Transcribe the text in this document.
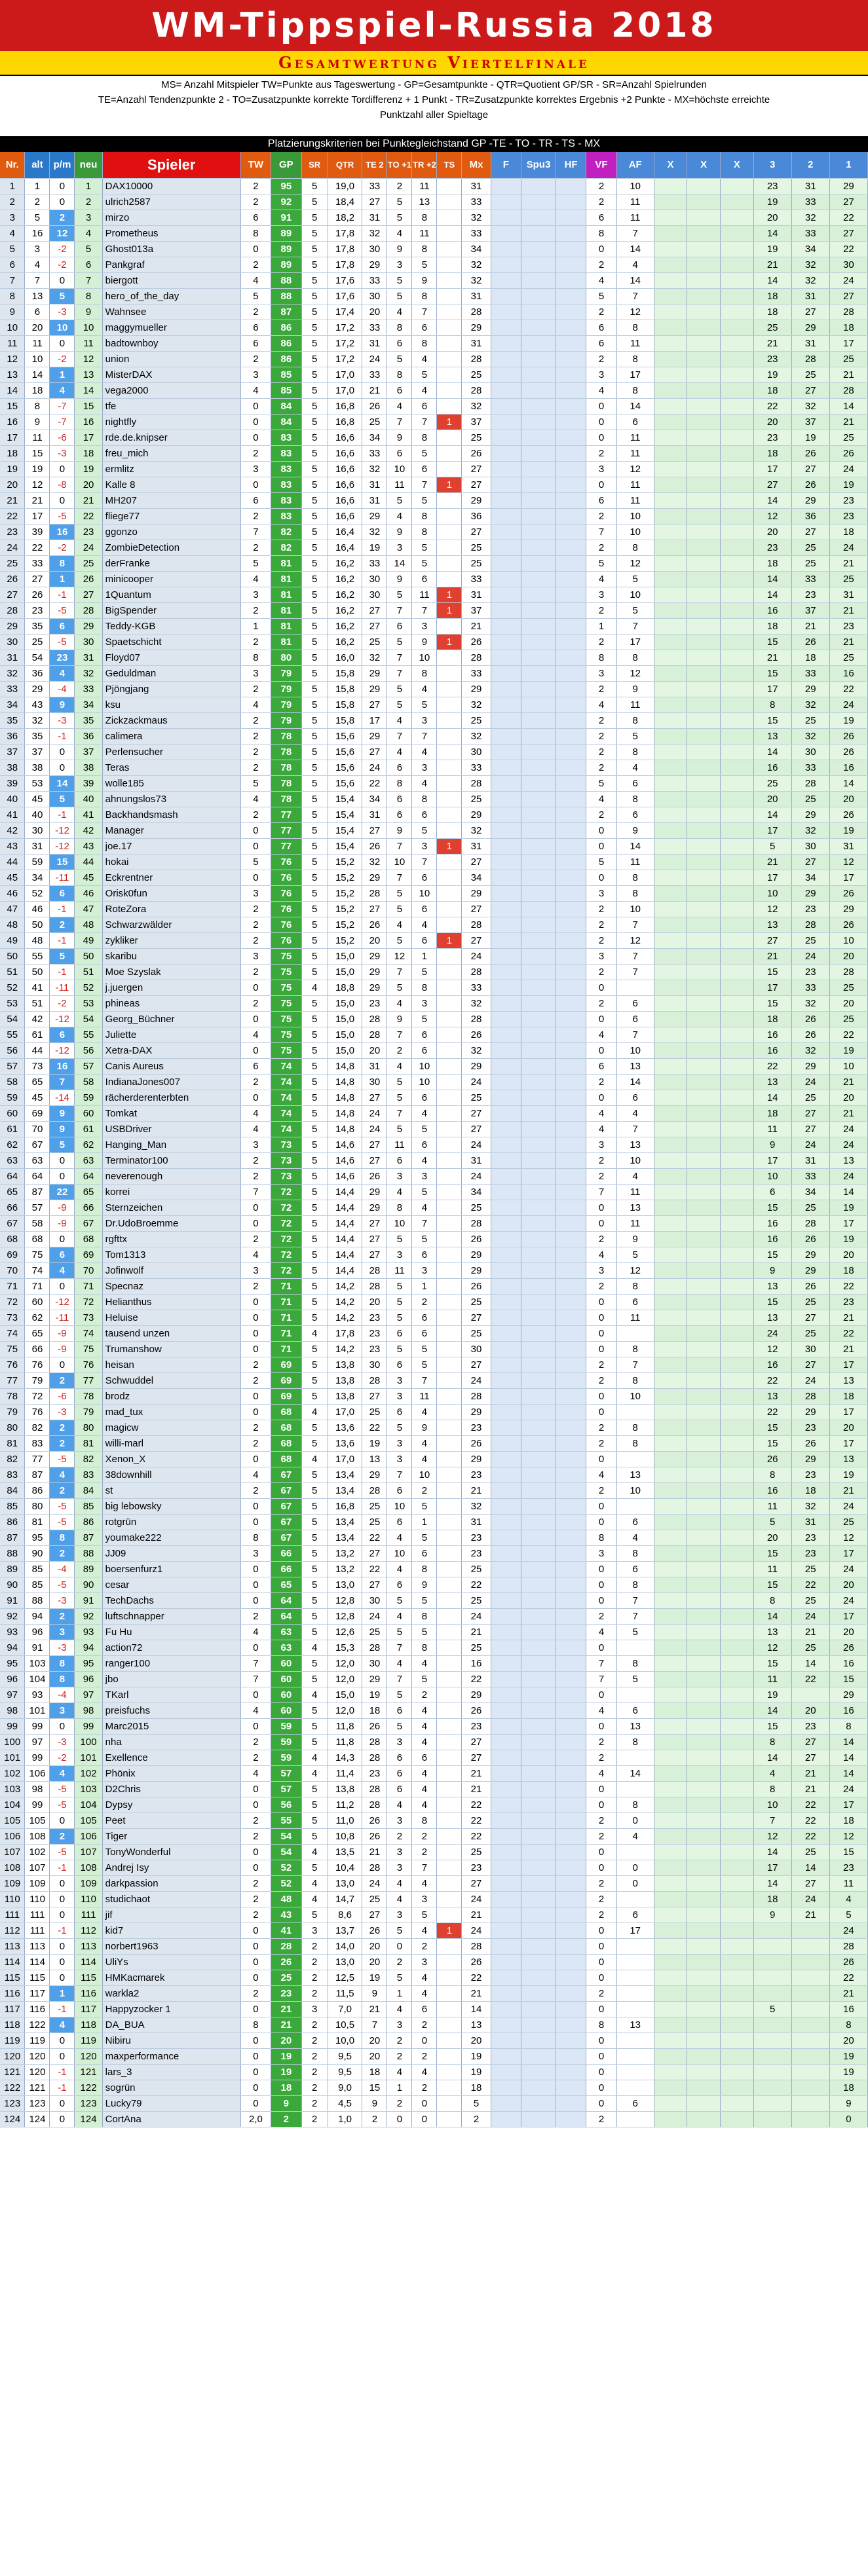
WM-Tippspiel-Russia 2018
Gesamtwertung Viertelfinale
MS= Anzahl Mitspieler TW=Punkte aus Tageswertung - GP=Gesamtpunkte - QTR=Quotient GP/SR - SR=Anzahl Spielrunden
TE=Anzahl Tendenzpunkte 2 - TO=Zusatzpunkte korrekte Tordifferenz + 1 Punkt - TR=Zusatzpunkte korrektes Ergebnis +2 Punkte - MX=höchste erreichte
Punktzahl aller Spieltage
Platzierungskriterien bei Punktegleichstand GP -TE - TO - TR - TS - MX
Nr.	alt	p/m	neu	Spieler	TW	GP	SR	QTR	TE 2	TO +1	TR +2	TS	Mx	F	Spu3	HF	VF	AF	X	X	X	3	2	1
1	1	0	1	DAX10000	2	95	5	19,0	33	2	11		31				2	10				23	31	29
2	2	0	2	ulrich2587	2	92	5	18,4	27	5	13		33				2	11				19	33	27
3	5	2	3	mirzo	6	91	5	18,2	31	5	8		32				6	11				20	32	22
4	16	12	4	Prometheus	8	89	5	17,8	32	4	11		33				8	7				14	33	27
5	3	-2	5	Ghost013a	0	89	5	17,8	30	9	8		34				0	14				19	34	22
6	4	-2	6	Pankgraf	2	89	5	17,8	29	3	5		32				2	4				21	32	30
7	7	0	7	biergott	4	88	5	17,6	33	5	9		32				4	14				14	32	24
8	13	5	8	hero_of_the_day	5	88	5	17,6	30	5	8		31				5	7				18	31	27
9	6	-3	9	Wahnsee	2	87	5	17,4	20	4	7		28				2	12				18	27	28
10	20	10	10	maggymueller	6	86	5	17,2	33	8	6		29				6	8				25	29	18
11	11	0	11	badtownboy	6	86	5	17,2	31	6	8		31				6	11				21	31	17
12	10	-2	12	union	2	86	5	17,2	24	5	4		28				2	8				23	28	25
13	14	1	13	MisterDAX	3	85	5	17,0	33	8	5		25				3	17				19	25	21
14	18	4	14	vega2000	4	85	5	17,0	21	6	4		28				4	8				18	27	28
15	8	-7	15	tfe	0	84	5	16,8	26	4	6		32				0	14				22	32	14
16	9	-7	16	nightfly	0	84	5	16,8	25	7	7	1	37				0	6				20	37	21
17	11	-6	17	rde.de.knipser	0	83	5	16,6	34	9	8		25				0	11				23	19	25
18	15	-3	18	freu_mich	2	83	5	16,6	33	6	5		26				2	11				18	26	26
19	19	0	19	ermlitz	3	83	5	16,6	32	10	6		27				3	12				17	27	24
20	12	-8	20	Kalle 8	0	83	5	16,6	31	11	7	1	27				0	11				27	26	19
21	21	0	21	MH207	6	83	5	16,6	31	5	5		29				6	11				14	29	23
22	17	-5	22	fliege77	2	83	5	16,6	29	4	8		36				2	10				12	36	23
23	39	16	23	ggonzo	7	82	5	16,4	32	9	8		27				7	10				20	27	18
24	22	-2	24	ZombieDetection	2	82	5	16,4	19	3	5		25				2	8				23	25	24
25	33	8	25	derFranke	5	81	5	16,2	33	14	5		25				5	12				18	25	21
26	27	1	26	minicooper	4	81	5	16,2	30	9	6		33				4	5				14	33	25
27	26	-1	27	1Quantum	3	81	5	16,2	30	5	11	1	31				3	10				14	23	31
28	23	-5	28	BigSpender	2	81	5	16,2	27	7	7	1	37				2	5				16	37	21
29	35	6	29	Teddy-KGB	1	81	5	16,2	27	6	3		21				1	7				18	21	23
30	25	-5	30	Spaetschicht	2	81	5	16,2	25	5	9	1	26				2	17				15	26	21
31	54	23	31	Floyd07	8	80	5	16,0	32	7	10		28				8	8				21	18	25
32	36	4	32	Geduldman	3	79	5	15,8	29	7	8		33				3	12				15	33	16
33	29	-4	33	Pjöngjang	2	79	5	15,8	29	5	4		29				2	9				17	29	22
34	43	9	34	ksu	4	79	5	15,8	27	5	5		32				4	11				8	32	24
35	32	-3	35	Zickzackmaus	2	79	5	15,8	17	4	3		25				2	8				15	25	19
36	35	-1	36	calimera	2	78	5	15,6	29	7	7		32				2	5				13	32	26
37	37	0	37	Perlensucher	2	78	5	15,6	27	4	4		30				2	8				14	30	26
38	38	0	38	Teras	2	78	5	15,6	24	6	3		33				2	4				16	33	16
39	53	14	39	wolle185	5	78	5	15,6	22	8	4		28				5	6				25	28	14
40	45	5	40	ahnungslos73	4	78	5	15,4	34	6	8		25				4	8				20	25	20
41	40	-1	41	Backhandsmash	2	77	5	15,4	31	6	6		29				2	6				14	29	26
42	30	-12	42	Manager	0	77	5	15,4	27	9	5		32				0	9				17	32	19
43	31	-12	43	joe.17	0	77	5	15,4	26	7	3	1	31				0	14				5	30	31
44	59	15	44	hokai	5	76	5	15,2	32	10	7		27				5	11				21	27	12
45	34	-11	45	Eckrentner	0	76	5	15,2	29	7	6		34				0	8				17	34	17
46	52	6	46	Orisk0fun	3	76	5	15,2	28	5	10		29				3	8				10	29	26
47	46	-1	47	RoteZora	2	76	5	15,2	27	5	6		27				2	10				12	23	29
48	50	2	48	Schwarzwälder	2	76	5	15,2	26	4	4		28				2	7				13	28	26
49	48	-1	49	zykliker	2	76	5	15,2	20	5	6	1	27				2	12				27	25	10
50	55	5	50	skaribu	3	75	5	15,0	29	12	1		24				3	7				21	24	20
51	50	-1	51	Moe Szyslak	2	75	5	15,0	29	7	5		28				2	7				15	23	28
52	41	-11	52	j.juergen	0	75	4	18,8	29	5	8		33				0					17	33	25
53	51	-2	53	phineas	2	75	5	15,0	23	4	3		32				2	6				15	32	20
54	42	-12	54	Georg_Büchner	0	75	5	15,0	28	9	5		28				0	6				18	26	25
55	61	6	55	Juliette	4	75	5	15,0	28	7	6		26				4	7				16	26	22
56	44	-12	56	Xetra-DAX	0	75	5	15,0	20	2	6		32				0	10				16	32	19
57	73	16	57	Canis Aureus	6	74	5	14,8	31	4	10		29				6	13				22	29	10
58	65	7	58	IndianaJones007	2	74	5	14,8	30	5	10		24				2	14				13	24	21
59	45	-14	59	rächerderenterbten	0	74	5	14,8	27	5	6		25				0	6				14	25	20
60	69	9	60	Tomkat	4	74	5	14,8	24	7	4		27				4	4				18	27	21
61	70	9	61	USBDriver	4	74	5	14,8	24	5	5		27				4	7				11	27	24
62	67	5	62	Hanging_Man	3	73	5	14,6	27	11	6		24				3	13				9	24	24
63	63	0	63	Terminator100	2	73	5	14,6	27	6	4		31				2	10				17	31	13
64	64	0	64	neverenough	2	73	5	14,6	26	3	3		24				2	4				10	33	24
65	87	22	65	korrei	7	72	5	14,4	29	4	5		34				7	11				6	34	14
66	57	-9	66	Sternzeichen	0	72	5	14,4	29	8	4		25				0	13				15	25	19
67	58	-9	67	Dr.UdoBroemme	0	72	5	14,4	27	10	7		28				0	11				16	28	17
68	68	0	68	rgfttx	2	72	5	14,4	27	5	5		26				2	9				16	26	19
69	75	6	69	Tom1313	4	72	5	14,4	27	3	6		29				4	5				15	29	20
70	74	4	70	Jofinwolf	3	72	5	14,4	28	11	3		29				3	12				9	29	18
71	71	0	71	Specnaz	2	71	5	14,2	28	5	1		26				2	8				13	26	22
72	60	-12	72	Helianthus	0	71	5	14,2	20	5	2		25				0	6				15	25	23
73	62	-11	73	Heluise	0	71	5	14,2	23	5	6		27				0	11				13	27	21
74	65	-9	74	tausend unzen	0	71	4	17,8	23	6	6		25				0					24	25	22
75	66	-9	75	Trumanshow	0	71	5	14,2	23	5	5		30				0	8				12	30	21
76	76	0	76	heisan	2	69	5	13,8	30	6	5		27				2	7				16	27	17
77	79	2	77	Schwuddel	2	69	5	13,8	28	3	7		24				2	8				22	24	13
78	72	-6	78	brodz	0	69	5	13,8	27	3	11		28				0	10				13	28	18
79	76	-3	79	mad_tux	0	68	4	17,0	25	6	4		29				0					22	29	17
80	82	2	80	magicw	2	68	5	13,6	22	5	9		23				2	8				15	23	20
81	83	2	81	willi-marl	2	68	5	13,6	19	3	4		26				2	8				15	26	17
82	77	-5	82	Xenon_X	0	68	4	17,0	13	3	4		29				0					26	29	13
83	87	4	83	38downhill	4	67	5	13,4	29	7	10		23				4	13				8	23	19
84	86	2	84	st	2	67	5	13,4	28	6	2		21				2	10				16	18	21
85	80	-5	85	big lebowsky	0	67	5	16,8	25	10	5		32				0					11	32	24
86	81	-5	86	rotgrün	0	67	5	13,4	25	6	1		31				0	6				5	31	25
87	95	8	87	youmake222	8	67	5	13,4	22	4	5		23				8	4				20	23	12
88	90	2	88	JJ09	3	66	5	13,2	27	10	6		23				3	8				15	23	17
89	85	-4	89	boersenfurz1	0	66	5	13,2	22	4	8		25				0	6				11	25	24
90	85	-5	90	cesar	0	65	5	13,0	27	6	9		22				0	8				15	22	20
91	88	-3	91	TechDachs	0	64	5	12,8	30	5	5		25				0	7				8	25	24
92	94	2	92	luftschnapper	2	64	5	12,8	24	4	8		24				2	7				14	24	17
93	96	3	93	Fu Hu	4	63	5	12,6	25	5	5		21				4	5				13	21	20
94	91	-3	94	action72	0	63	4	15,3	28	7	8		25				0					12	25	26
95	103	8	95	ranger100	7	60	5	12,0	30	4	4		16				7	8				15	14	16
96	104	8	96	jbo	7	60	5	12,0	29	7	5		22				7	5				11	22	15
97	93	-4	97	TKarl	0	60	4	15,0	19	5	2		29				0					19		29
98	101	3	98	preisfuchs	4	60	5	12,0	18	6	4		26				4	6				14	20	16
99	99	0	99	Marc2015	0	59	5	11,8	26	5	4		23				0	13				15	23	8
100	97	-3	100	nha	2	59	5	11,8	28	3	4		27				2	8				8	27	14
101	99	-2	101	Exellence	2	59	4	14,3	28	6	6		27				2					14	27	14
102	106	4	102	Phönix	4	57	4	11,4	23	6	4		21				4	14				4	21	14
103	98	-5	103	D2Chris	0	57	5	13,8	28	6	4		21				0					8	21	24
104	99	-5	104	Dypsy	0	56	5	11,2	28	4	4		22				0	8				10	22	17
105	105	0	105	Peet	2	55	5	11,0	26	3	8		22				2	0				7	22	18
106	108	2	106	Tiger	2	54	5	10,8	26	2	2		22				2	4				12	22	12
107	102	-5	107	TonyWonderful	0	54	4	13,5	21	3	2		25				0					14	25	15
108	107	-1	108	Andrej Isy	0	52	5	10,4	28	3	7		23				0	0				17	14	23
109	109	0	109	darkpassion	2	52	4	13,0	24	4	4		27				2	0				14	27	11
110	110	0	110	studichaot	2	48	4	14,7	25	4	3		24				2					18	24	4
111	111	0	111	jif	2	43	5	8,6	27	3	5		21				2	6				9	21	5
112	111	-1	112	kid7	0	41	3	13,7	26	5	4	1	24				0	17						24
113	113	0	113	norbert1963	0	28	2	14,0	20	0	2		28				0							28
114	114	0	114	UliYs	0	26	2	13,0	20	2	3		26				0							26
115	115	0	115	HMKacmarek	0	25	2	12,5	19	5	4		22				0							22
116	117	1	116	warkla2	2	23	2	11,5	9	1	4		21				2							21
117	116	-1	117	Happyzocker 1	0	21	3	7,0	21	4	6		14				0					5		16
118	122	4	118	DA_BUA	8	21	2	10,5	7	3	2		13				8	13						8
119	119	0	119	Nibiru	0	20	2	10,0	20	2	0		20				0							20
120	120	0	120	maxperformance	0	19	2	9,5	20	2	2		19				0							19
121	120	-1	121	lars_3	0	19	2	9,5	18	4	4		19				0							19
122	121	-1	122	sogrün	0	18	2	9,0	15	1	2		18				0							18
123	123	0	123	Lucky79	0	9	2	4,5	9	2	0		5				0	6						9
124	124	0	124	CortAna	2,0	2	2	1,0	2	0	0		2				2							0
